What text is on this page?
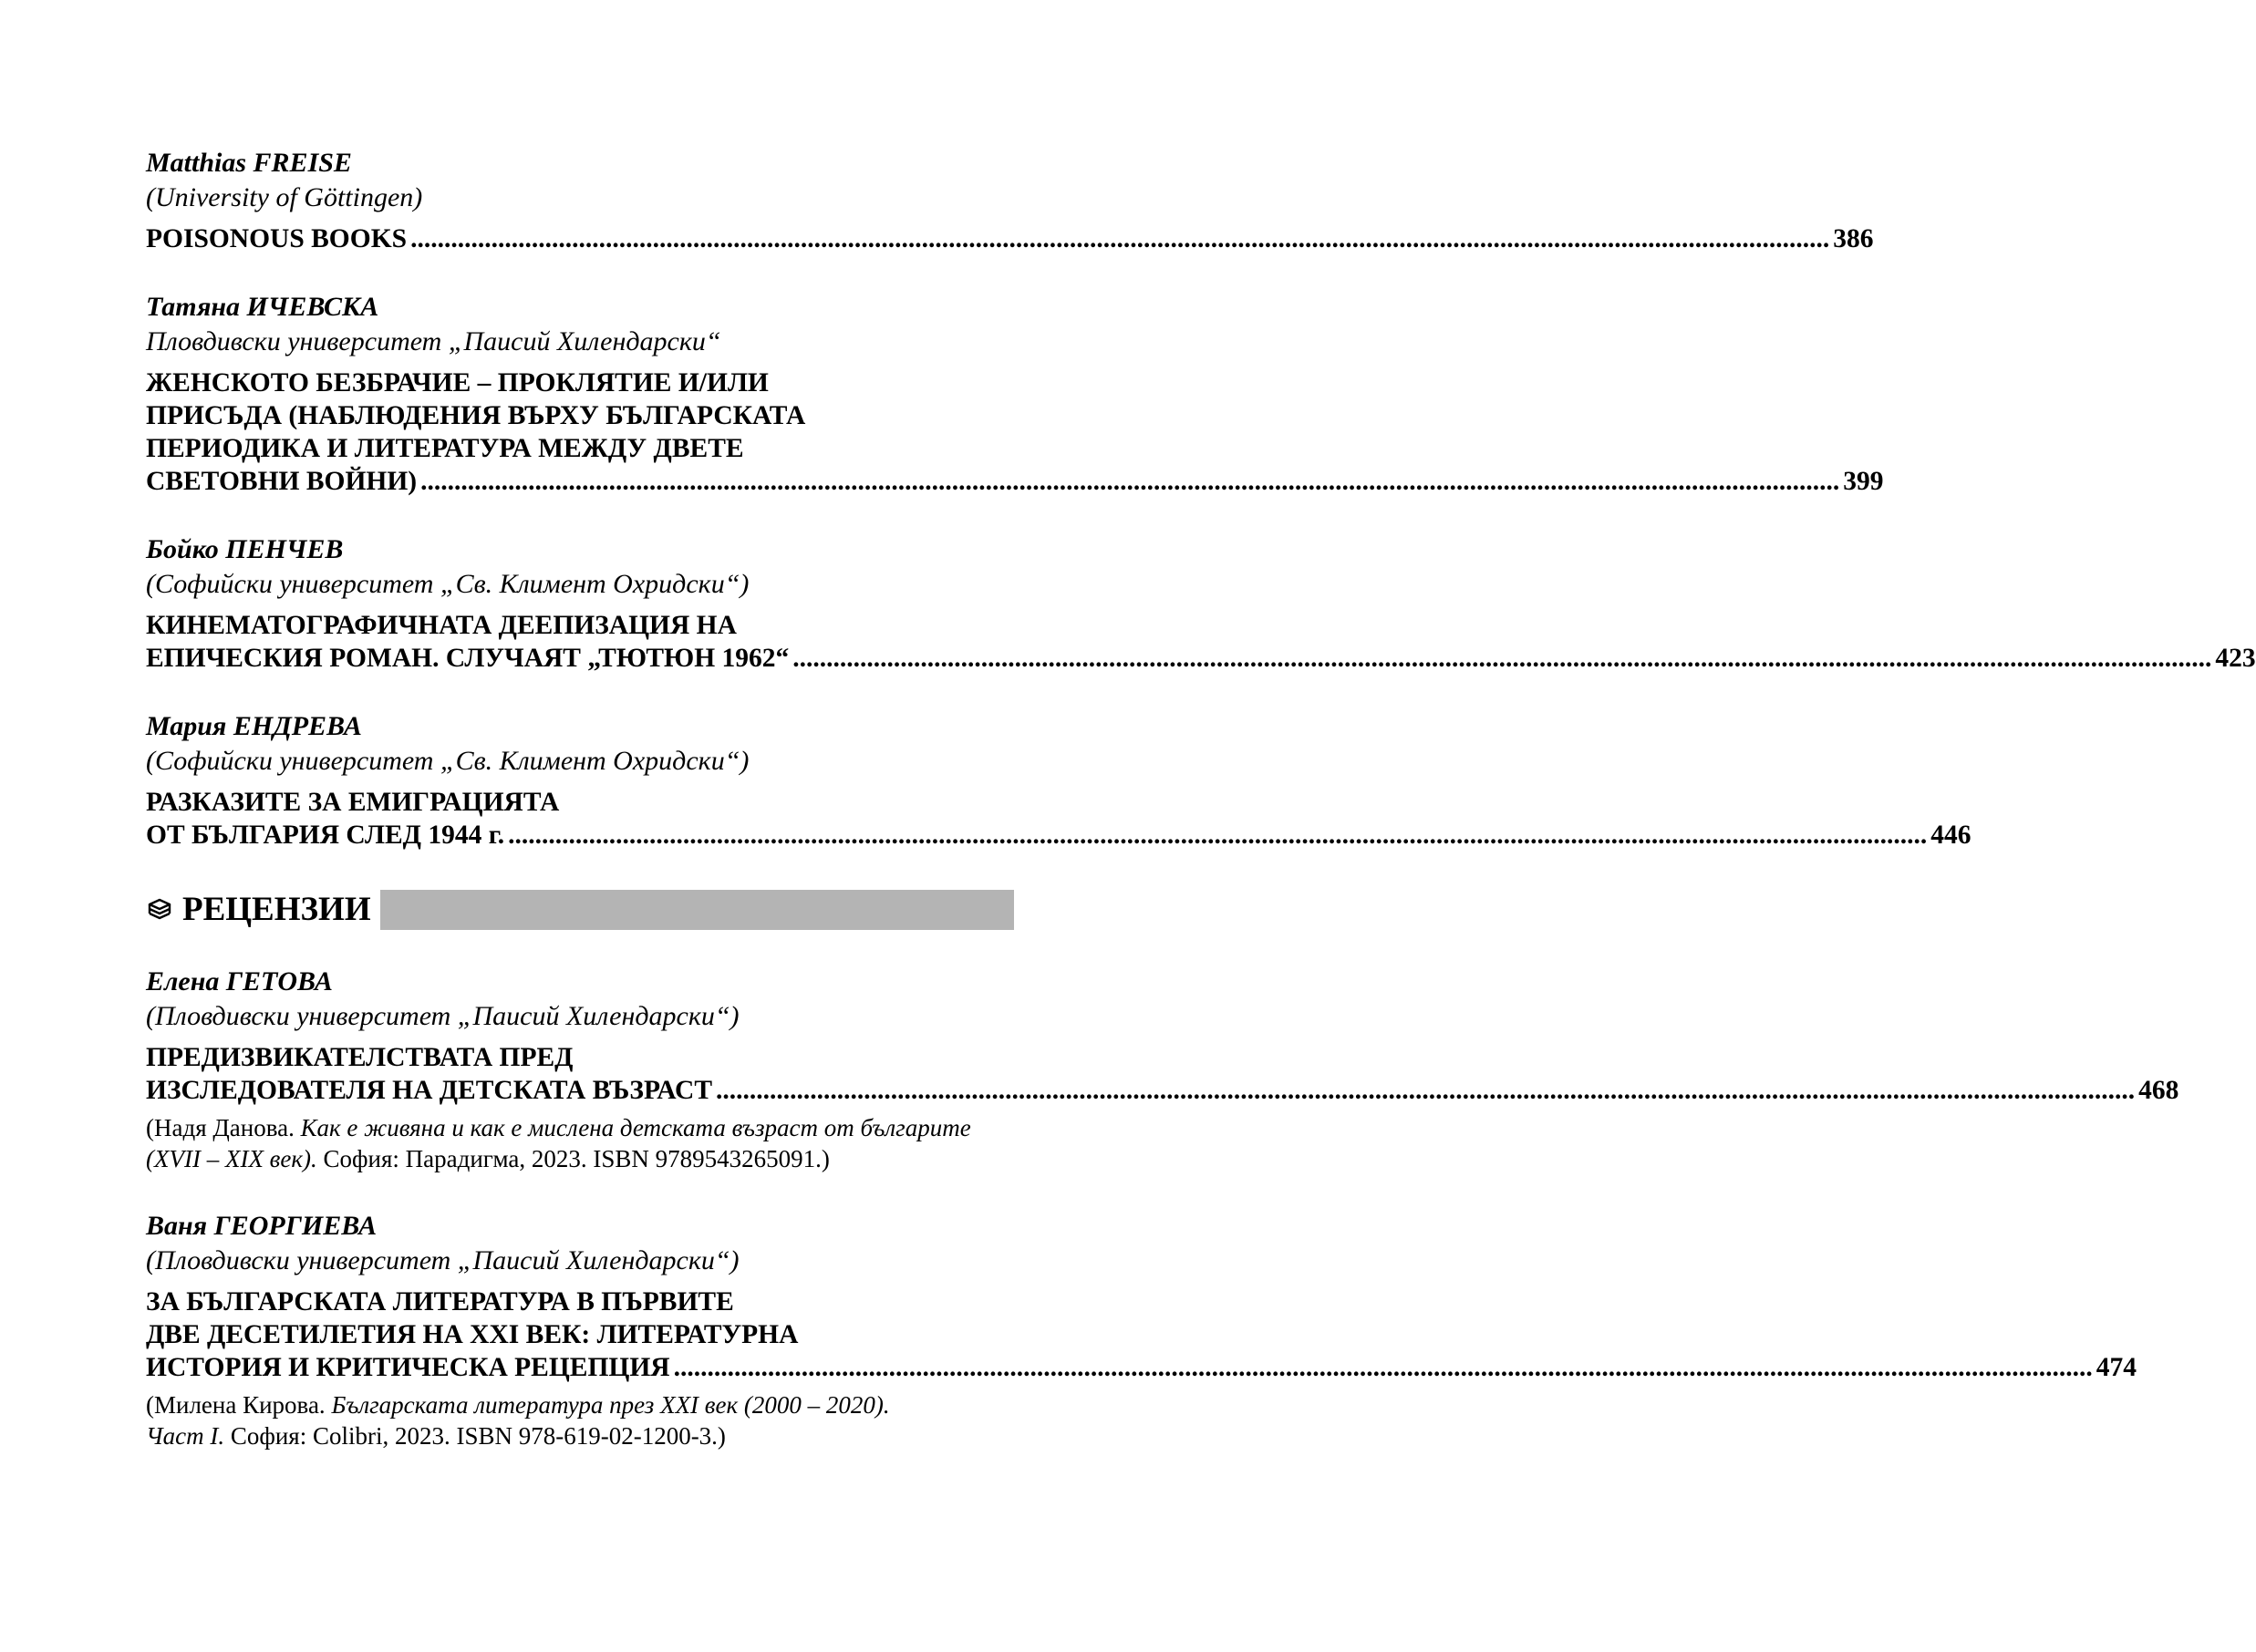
Matthias FREISE
(University of Göttingen)
POISONOUS BOOKS ................................................................................................................................................................................................................... 386
Татяна ИЧЕВСКА
Пловдивски университет „Паисий Хилендарски“
ЖЕНСКОТО БЕЗБРАЧИЕ – ПРОКЛЯТИЕ И/ИЛИ
ПРИСЪДА (НАБЛЮДЕНИЯ ВЪРХУ БЪЛГАРСКАТА
ПЕРИОДИКА И ЛИТЕРАТУРА МЕЖДУ ДВЕТЕ
СВЕТОВНИ ВОЙНИ) ................................................................................................................................................................................................................... 399
Бойко ПЕНЧЕВ
(Софийски университет „Св. Климент Охридски“)
КИНЕМАТОГРАФИЧНАТА ДЕЕПИЗАЦИЯ НА
ЕПИЧЕСКИЯ РОМАН. СЛУЧАЯТ „ТЮТЮН 1962“ ................................................................................................................................................................................................................... 423
Мария ЕНДРЕВА
(Софийски университет „Св. Климент Охридски“)
РАЗКАЗИТЕ ЗА ЕМИГРАЦИЯТА
ОТ БЪЛГАРИЯ СЛЕД 1944 г. ................................................................................................................................................................................................................... 446
РЕЦЕНЗИИ
Елена ГЕТОВА
(Пловдивски университет „Паисий Хилендарски“)
ПРЕДИЗВИКАТЕЛСТВАТА ПРЕД
ИЗСЛЕДОВАТЕЛЯ НА ДЕТСКАТА ВЪЗРАСТ ................................................................................................................................................................................................................... 468
(Надя Данова. Как е живяна и как е мислена детската възраст от българите
(XVII – XIX век). София: Парадигма, 2023. ISBN 9789543265091.)
Ваня ГЕОРГИЕВА
(Пловдивски университет „Паисий Хилендарски“)
ЗА БЪЛГАРСКАТА ЛИТЕРАТУРА В ПЪРВИТЕ
ДВЕ ДЕСЕТИЛЕТИЯ НА XXI ВЕК: ЛИТЕРАТУРНА
ИСТОРИЯ И КРИТИЧЕСКА РЕЦЕПЦИЯ ................................................................................................................................................................................................................... 474
(Милена Кирова. Българската литература през XXI век (2000 – 2020).
Част I. София: Colibri, 2023. ISBN 978-619-02-1200-3.)
